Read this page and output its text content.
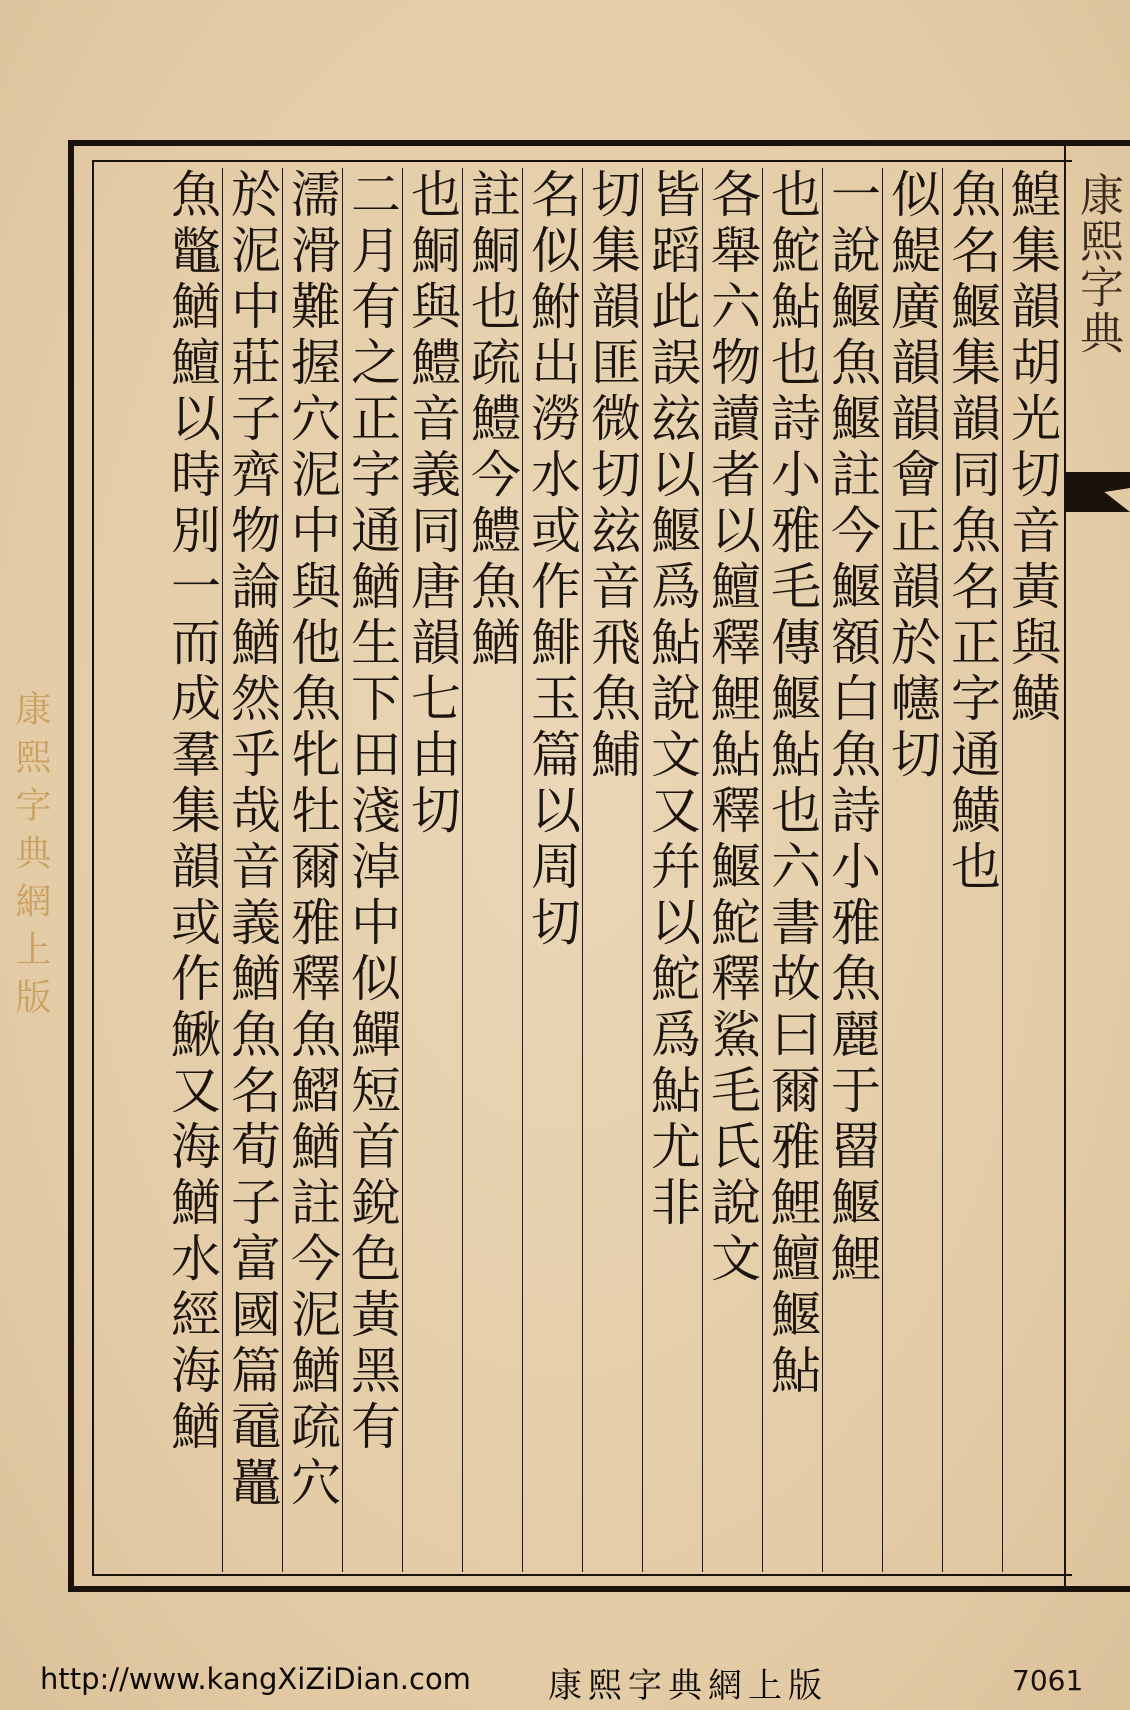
康熙字典
鰉集韻胡光切音黃與鱑
魚名鰋集韻同魚名正字通鱑也
似鯷廣韻韻會正韻於幰切
一說鰋魚鰋註今鰋額白魚詩小雅魚麗于罶鰋鯉
也鮀鮎也詩小雅毛傳鰋鮎也六書故曰爾雅鯉鱣鰋鮎
各舉六物讀者以鱣釋鯉鮎釋鰋鮀釋鯊毛氏說文
皆蹈此誤玆以鰋爲鮎說文又幷以鮀爲鮎尤非
切集韻匪微切玆音飛魚鯆
名似鮒出澇水或作鯡玉篇以周切
註鮦也疏鱧今鱧魚鰌
也鮦與鱧音義同唐韻七由切
二月有之正字通鰌生下田淺淖中似鱓短首銳色黃黑有
濡滑難握穴泥中與他魚牝牡爾雅釋魚鰼鰌註今泥鰌疏穴
於泥中莊子齊物論鰌然乎哉音義鰌魚名荀子富國篇黿鼉
魚鼈鰌鱣以時別一而成羣集韻或作鰍又海鰌水經海鰌
康熙字典網上版
http://www.kangXiZiDian.com 康熙字典網上版	7061
